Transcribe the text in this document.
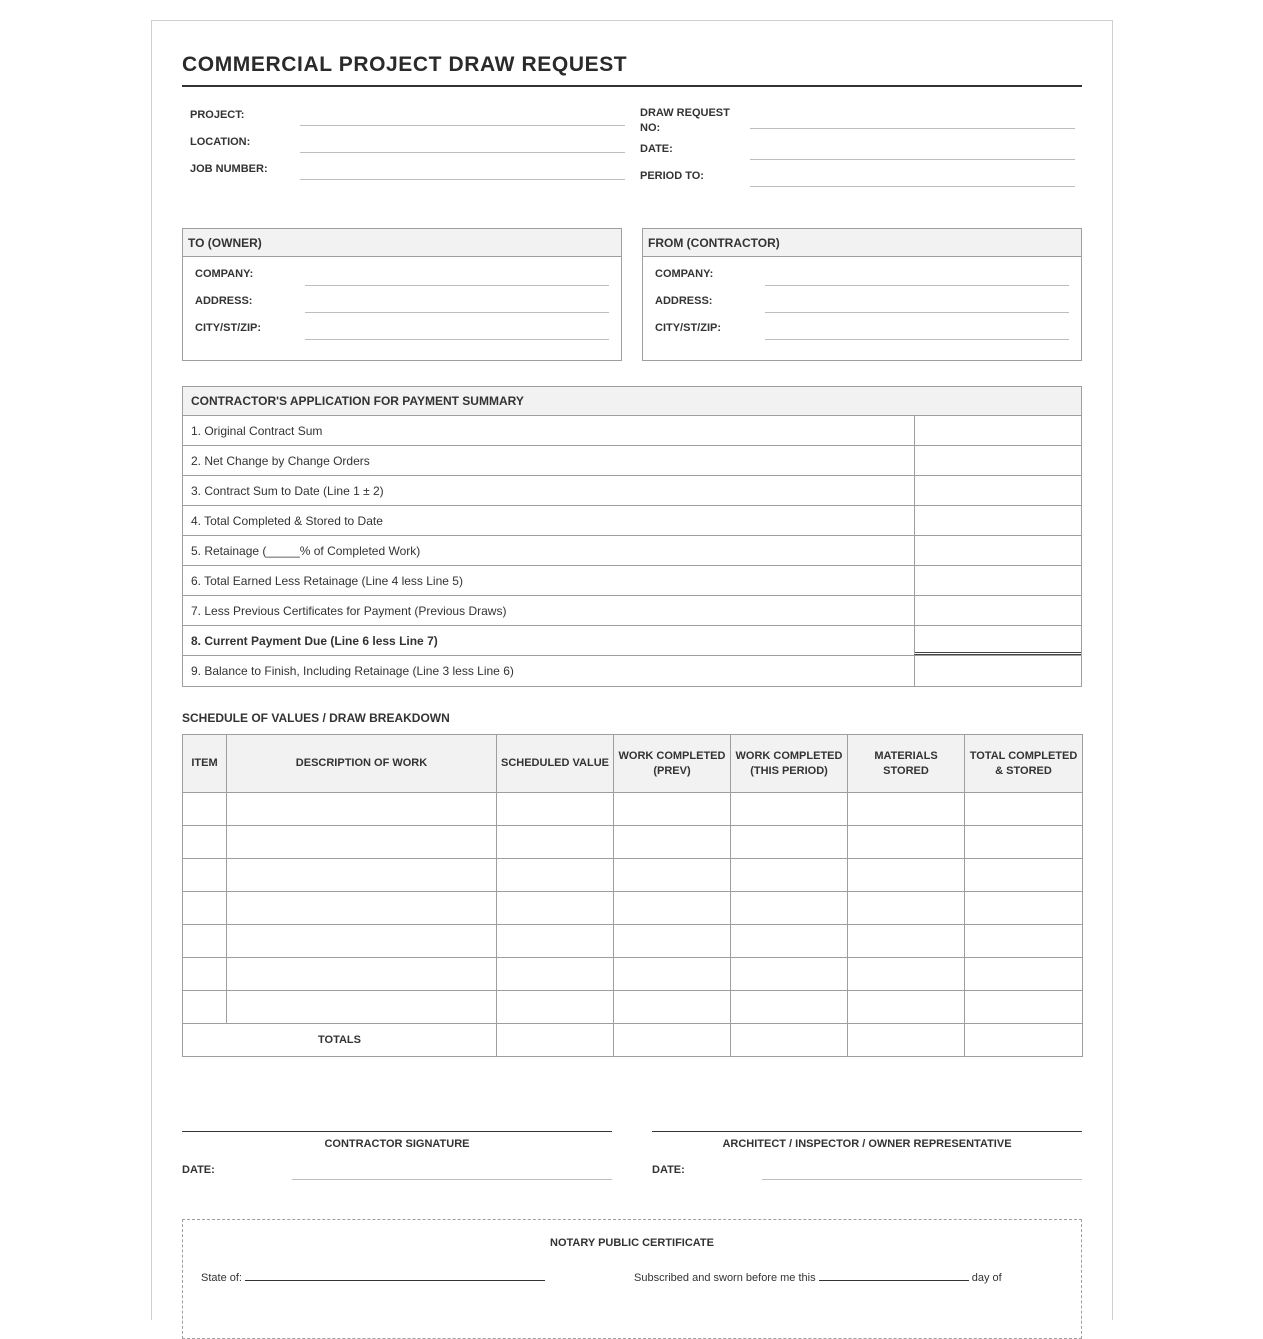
COMMERCIAL PROJECT DRAW REQUEST
PROJECT:
LOCATION:
JOB NUMBER:
DRAW REQUEST
NO:
DATE:
PERIOD TO:
TO (OWNER)
COMPANY:
ADDRESS:
CITY/ST/ZIP:
FROM (CONTRACTOR)
COMPANY:
ADDRESS:
CITY/ST/ZIP:
CONTRACTOR'S APPLICATION FOR PAYMENT SUMMARY
1. Original Contract Sum
2. Net Change by Change Orders
3. Contract Sum to Date (Line 1 ± 2)
4. Total Completed & Stored to Date
5. Retainage (_____% of Completed Work)
6. Total Earned Less Retainage (Line 4 less Line 5)
7. Less Previous Certificates for Payment (Previous Draws)
8. Current Payment Due (Line 6 less Line 7)
9. Balance to Finish, Including Retainage (Line 3 less Line 6)
SCHEDULE OF VALUES / DRAW BREAKDOWN
ITEM	DESCRIPTION OF WORK	SCHEDULED VALUE	WORK COMPLETED (PREV)	WORK COMPLETED (THIS PERIOD)	MATERIALS STORED	TOTAL COMPLETED & STORED

TOTALS						
CONTRACTOR SIGNATURE
DATE:
ARCHITECT / INSPECTOR / OWNER REPRESENTATIVE
DATE:
NOTARY PUBLIC CERTIFICATE
State of:	Subscribed and sworn before me this	day of
